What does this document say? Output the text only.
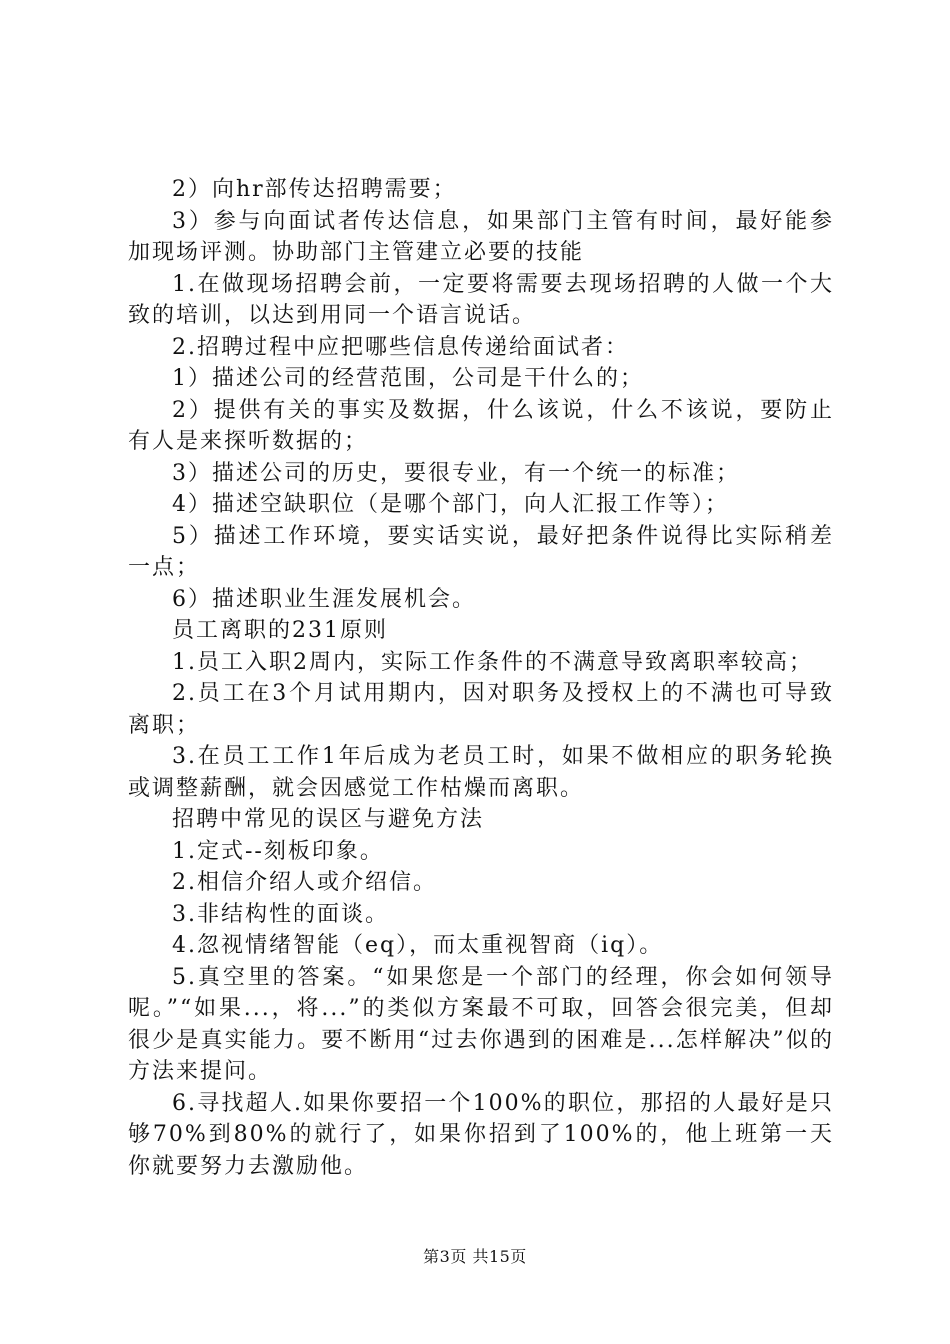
2）向hr部传达招聘需要；

3）参与向面试者传达信息，如果部门主管有时间，最好能参加现场评测。协助部门主管建立必要的技能

1.在做现场招聘会前，一定要将需要去现场招聘的人做一个大致的培训，以达到用同一个语言说话。

2.招聘过程中应把哪些信息传递给面试者：

1）描述公司的经营范围，公司是干什么的；

2）提供有关的事实及数据，什么该说，什么不该说，要防止有人是来探听数据的；

3）描述公司的历史，要很专业，有一个统一的标准；

4）描述空缺职位（是哪个部门，向人汇报工作等）；

5）描述工作环境，要实话实说，最好把条件说得比实际稍差一点；

6）描述职业生涯发展机会。

员工离职的231原则

1.员工入职2周内，实际工作条件的不满意导致离职率较高；

2.员工在3个月试用期内，因对职务及授权上的不满也可导致离职；

3.在员工工作1年后成为老员工时，如果不做相应的职务轮换或调整薪酬，就会因感觉工作枯燥而离职。

招聘中常见的误区与避免方法

1.定式--刻板印象。

2.相信介绍人或介绍信。

3.非结构性的面谈。

4.忽视情绪智能（eq），而太重视智商（iq）。

5.真空里的答案。“如果您是一个部门的经理，你会如何领导呢。”“如果...，将...”的类似方案最不可取，回答会很完美，但却很少是真实能力。要不断用“过去你遇到的困难是...怎样解决”似的方法来提问。

6.寻找超人.如果你要招一个100%的职位，那招的人最好是只够70%到80%的就行了，如果你招到了100%的，他上班第一天你就要努力去激励他。

第3页 共15页
